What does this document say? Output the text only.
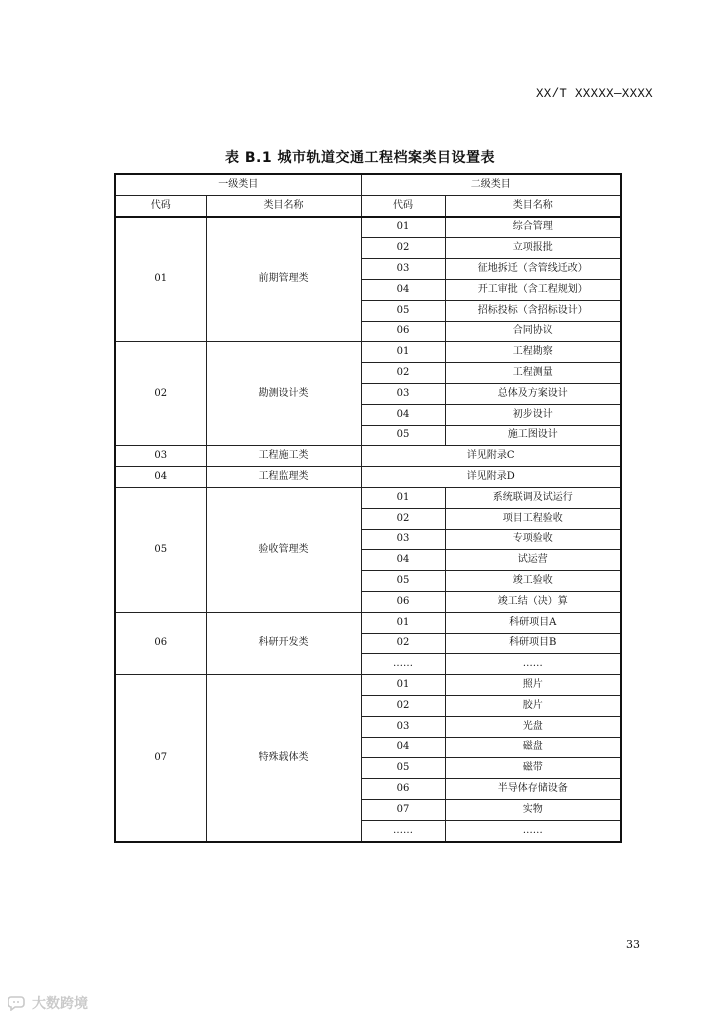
XX/T XXXXX—XXXX
表 B.1 城市轨道交通工程档案类目设置表
一级类目		二级类目	
代码	类目名称	代码	类目名称
01	前期管理类	01	综合管理
		02	立项报批
		03	征地拆迁（含管线迁改）
		04	开工审批（含工程规划）
		05	招标投标（含招标设计）
		06	合同协议
02	勘测设计类	01	工程勘察
		02	工程测量
		03	总体及方案设计
		04	初步设计
		05	施工图设计
03	工程施工类	详见附录C	
04	工程监理类	详见附录D	
05	验收管理类	01	系统联调及试运行
		02	项目工程验收
		03	专项验收
		04	试运营
		05	竣工验收
		06	竣工结（决）算
06	科研开发类	01	科研项目A
		02	科研项目B
		……	……
07	特殊载体类	01	照片
		02	胶片
		03	光盘
		04	磁盘
		05	磁带
		06	半导体存储设备
		07	实物
		……	……
33
大数跨境
